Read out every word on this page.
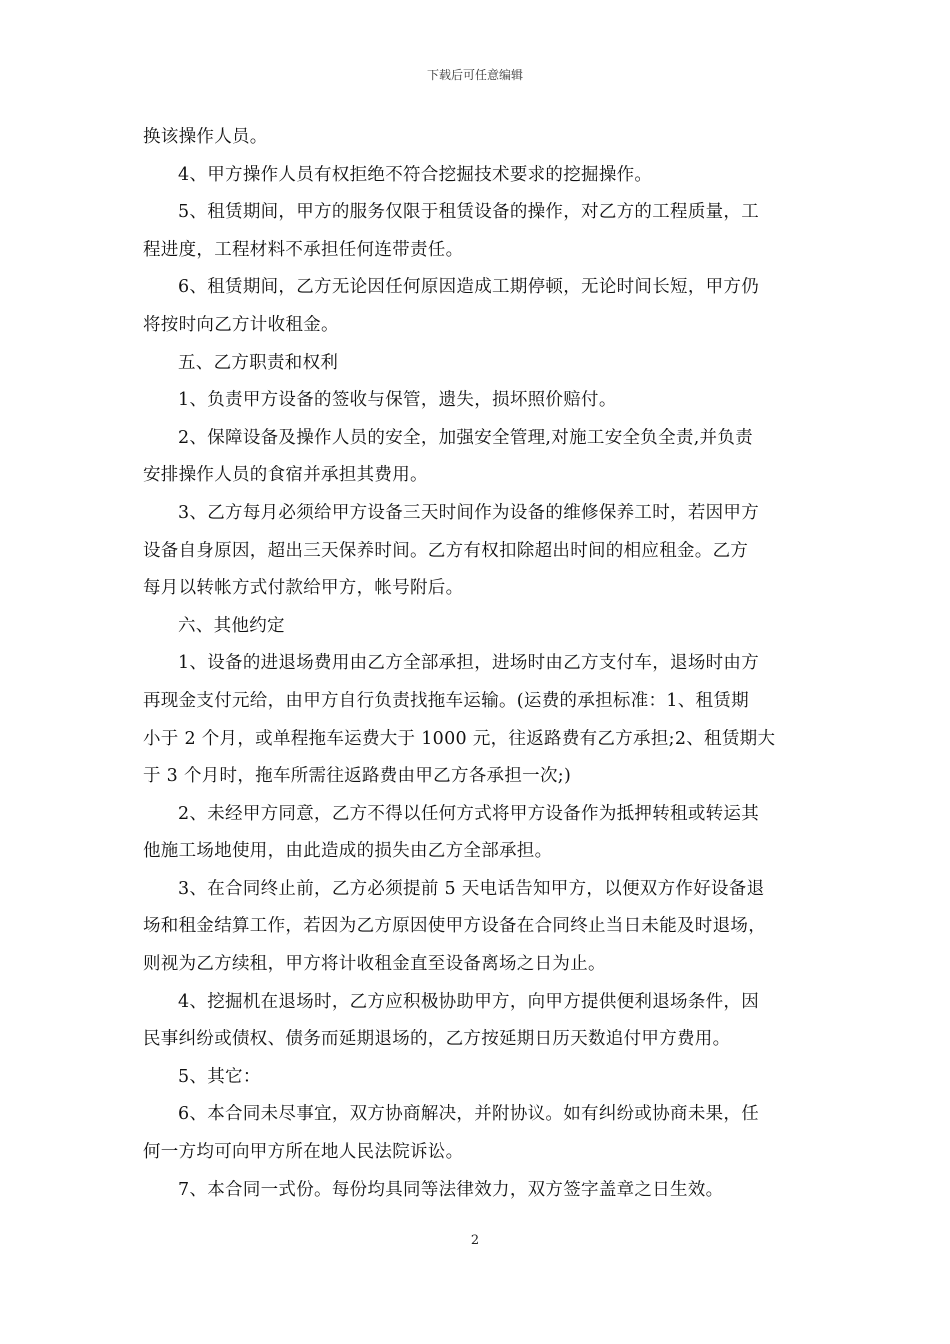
下载后可任意编辑

换该操作人员。

4、甲方操作人员有权拒绝不符合挖掘技术要求的挖掘操作。

5、租赁期间，甲方的服务仅限于租赁设备的操作，对乙方的工程质量，工
程进度，工程材料不承担任何连带责任。

6、租赁期间，乙方无论因任何原因造成工期停顿，无论时间长短，甲方仍
将按时向乙方计收租金。

五、乙方职责和权利

1、负责甲方设备的签收与保管，遗失，损坏照价赔付。

2、保障设备及操作人员的安全，加强安全管理,对施工安全负全责,并负责
安排操作人员的食宿并承担其费用。

3、乙方每月必须给甲方设备三天时间作为设备的维修保养工时，若因甲方
设备自身原因，超出三天保养时间。乙方有权扣除超出时间的相应租金。乙方
每月以转帐方式付款给甲方，帐号附后。

六、其他约定

1、设备的进退场费用由乙方全部承担，进场时由乙方支付车，退场时由方
再现金支付元给，由甲方自行负责找拖车运输。(运费的承担标准：1、租赁期
小于 2 个月，或单程拖车运费大于 1000 元，往返路费有乙方承担;2、租赁期大
于 3 个月时，拖车所需往返路费由甲乙方各承担一次;)

2、未经甲方同意，乙方不得以任何方式将甲方设备作为抵押转租或转运其
他施工场地使用，由此造成的损失由乙方全部承担。

3、在合同终止前，乙方必须提前 5 天电话告知甲方，以便双方作好设备退
场和租金结算工作，若因为乙方原因使甲方设备在合同终止当日未能及时退场，
则视为乙方续租，甲方将计收租金直至设备离场之日为止。

4、挖掘机在退场时，乙方应积极协助甲方，向甲方提供便利退场条件，因
民事纠纷或债权、债务而延期退场的，乙方按延期日历天数追付甲方费用。

5、其它：

6、本合同未尽事宜，双方协商解决，并附协议。如有纠纷或协商未果，任
何一方均可向甲方所在地人民法院诉讼。

7、本合同一式份。每份均具同等法律效力，双方签字盖章之日生效。

2
